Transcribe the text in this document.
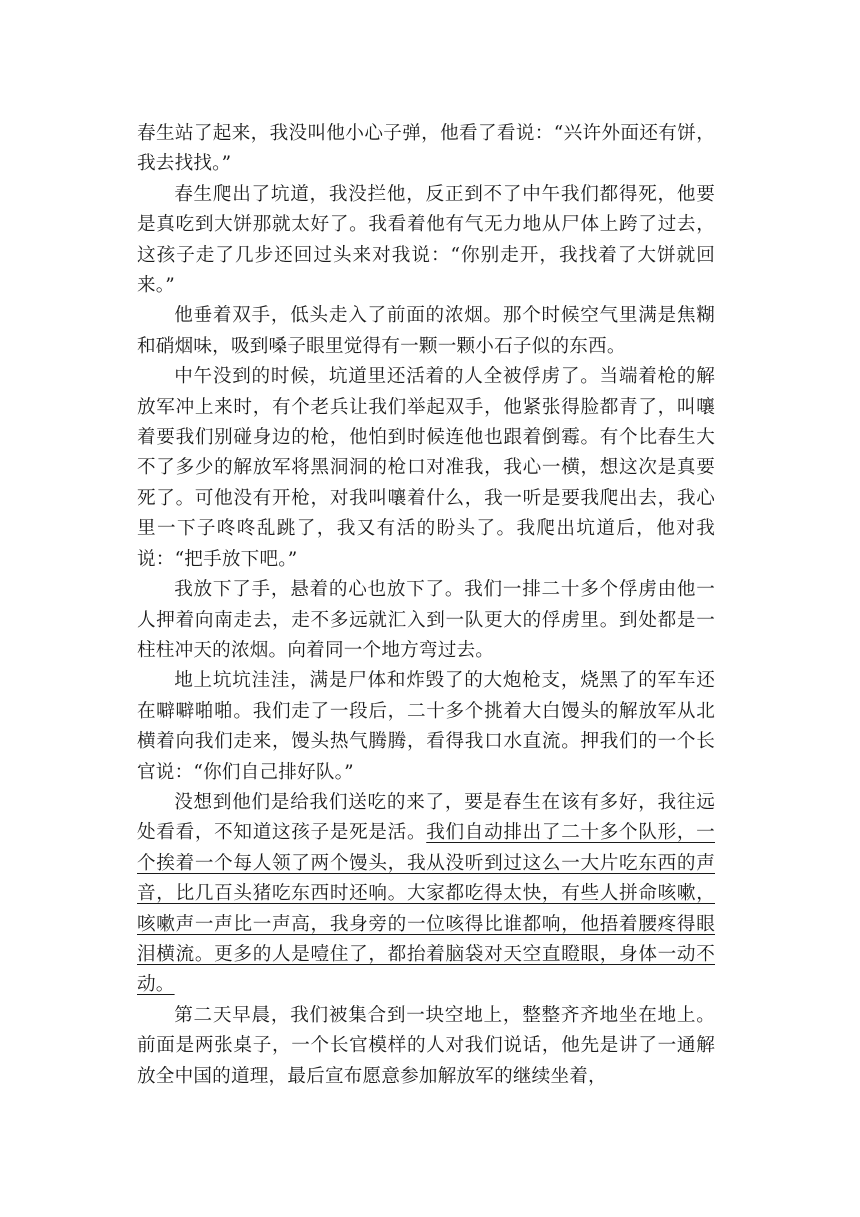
春生站了起来，我没叫他小心子弹，他看了看说：“兴许外面还有饼，我去找找。”

春生爬出了坑道，我没拦他，反正到不了中午我们都得死，他要是真吃到大饼那就太好了。我看着他有气无力地从尸体上跨了过去，这孩子走了几步还回过头来对我说：“你别走开，我找着了大饼就回来。”

他垂着双手，低头走入了前面的浓烟。那个时候空气里满是焦糊和硝烟味，吸到嗓子眼里觉得有一颗一颗小石子似的东西。

中午没到的时候，坑道里还活着的人全被俘虏了。当端着枪的解放军冲上来时，有个老兵让我们举起双手，他紧张得脸都青了，叫嚷着要我们别碰身边的枪，他怕到时候连他也跟着倒霉。有个比春生大不了多少的解放军将黑洞洞的枪口对准我，我心一横，想这次是真要死了。可他没有开枪，对我叫嚷着什么，我一听是要我爬出去，我心里一下子咚咚乱跳了，我又有活的盼头了。我爬出坑道后，他对我说：“把手放下吧。”

我放下了手，悬着的心也放下了。我们一排二十多个俘虏由他一人押着向南走去，走不多远就汇入到一队更大的俘虏里。到处都是一柱柱冲天的浓烟。向着同一个地方弯过去。

地上坑坑洼洼，满是尸体和炸毁了的大炮枪支，烧黑了的军车还在噼噼啪啪。我们走了一段后，二十多个挑着大白馒头的解放军从北横着向我们走来，馒头热气腾腾，看得我口水直流。押我们的一个长官说：“你们自己排好队。”

没想到他们是给我们送吃的来了，要是春生在该有多好，我往远处看看，不知道这孩子是死是活。我们自动排出了二十多个队形，一个挨着一个每人领了两个馒头，我从没听到过这么一大片吃东西的声音，比几百头猪吃东西时还响。大家都吃得太快，有些人拼命咳嗽，咳嗽声一声比一声高，我身旁的一位咳得比谁都响，他捂着腰疼得眼泪横流。更多的人是噎住了，都抬着脑袋对天空直瞪眼，身体一动不动。

第二天早晨，我们被集合到一块空地上，整整齐齐地坐在地上。前面是两张桌子，一个长官模样的人对我们说话，他先是讲了一通解放全中国的道理，最后宣布愿意参加解放军的继续坐着，
